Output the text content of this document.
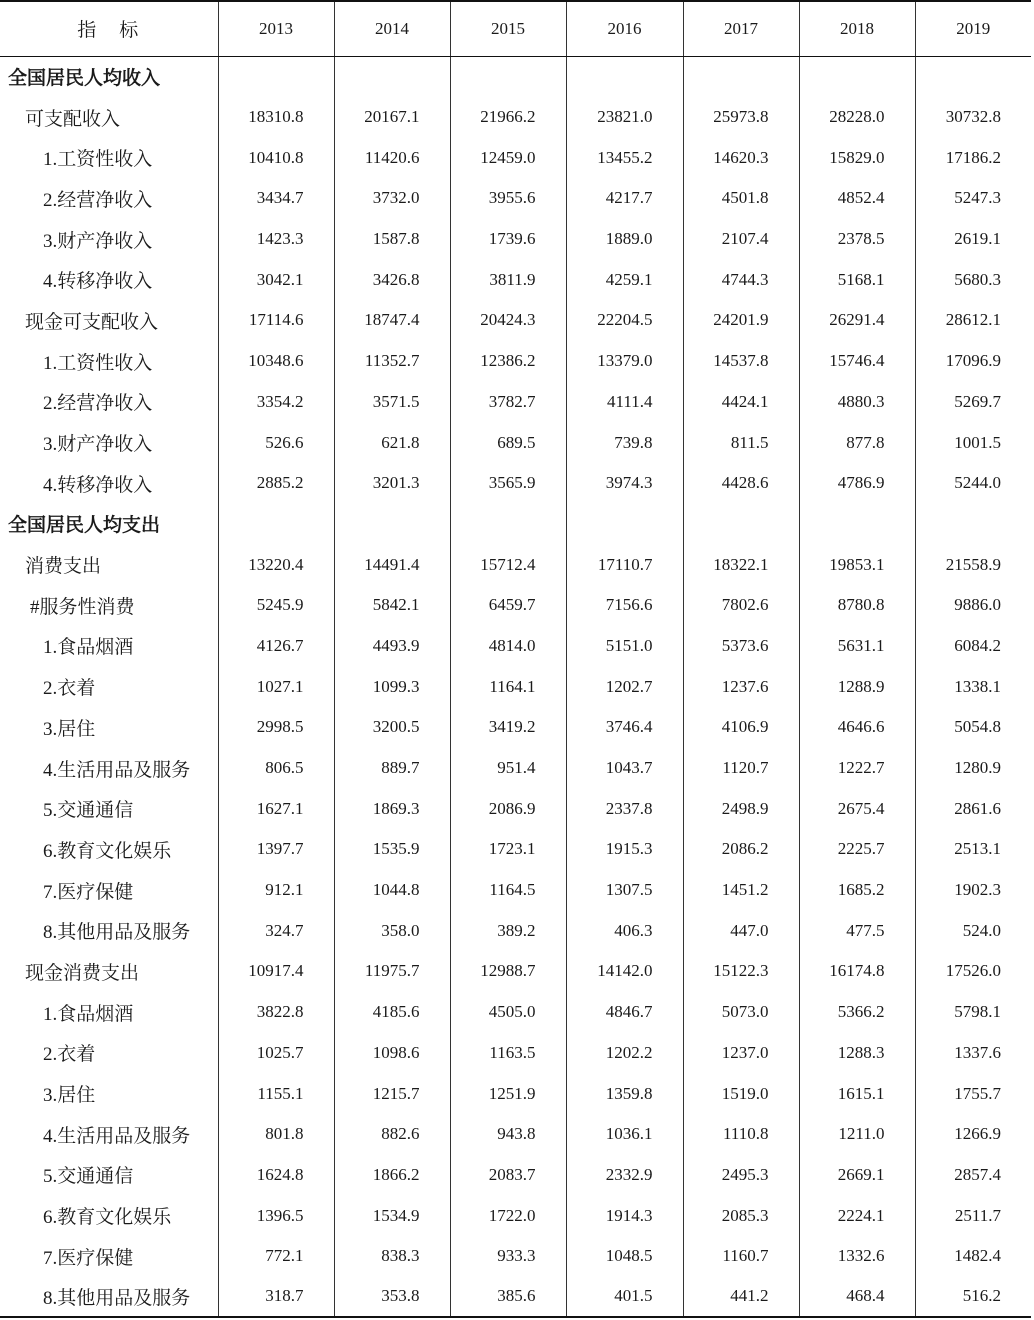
指　标	2013	2014	2015	2016	2017	2018	2019
全国居民人均收入							
可支配收入	18310.8	20167.1	21966.2	23821.0	25973.8	28228.0	30732.8
1.工资性收入	10410.8	11420.6	12459.0	13455.2	14620.3	15829.0	17186.2
2.经营净收入	3434.7	3732.0	3955.6	4217.7	4501.8	4852.4	5247.3
3.财产净收入	1423.3	1587.8	1739.6	1889.0	2107.4	2378.5	2619.1
4.转移净收入	3042.1	3426.8	3811.9	4259.1	4744.3	5168.1	5680.3
现金可支配收入	17114.6	18747.4	20424.3	22204.5	24201.9	26291.4	28612.1
1.工资性收入	10348.6	11352.7	12386.2	13379.0	14537.8	15746.4	17096.9
2.经营净收入	3354.2	3571.5	3782.7	4111.4	4424.1	4880.3	5269.7
3.财产净收入	526.6	621.8	689.5	739.8	811.5	877.8	1001.5
4.转移净收入	2885.2	3201.3	3565.9	3974.3	4428.6	4786.9	5244.0
全国居民人均支出							
消费支出	13220.4	14491.4	15712.4	17110.7	18322.1	19853.1	21558.9
#服务性消费	5245.9	5842.1	6459.7	7156.6	7802.6	8780.8	9886.0
1.食品烟酒	4126.7	4493.9	4814.0	5151.0	5373.6	5631.1	6084.2
2.衣着	1027.1	1099.3	1164.1	1202.7	1237.6	1288.9	1338.1
3.居住	2998.5	3200.5	3419.2	3746.4	4106.9	4646.6	5054.8
4.生活用品及服务	806.5	889.7	951.4	1043.7	1120.7	1222.7	1280.9
5.交通通信	1627.1	1869.3	2086.9	2337.8	2498.9	2675.4	2861.6
6.教育文化娱乐	1397.7	1535.9	1723.1	1915.3	2086.2	2225.7	2513.1
7.医疗保健	912.1	1044.8	1164.5	1307.5	1451.2	1685.2	1902.3
8.其他用品及服务	324.7	358.0	389.2	406.3	447.0	477.5	524.0
现金消费支出	10917.4	11975.7	12988.7	14142.0	15122.3	16174.8	17526.0
1.食品烟酒	3822.8	4185.6	4505.0	4846.7	5073.0	5366.2	5798.1
2.衣着	1025.7	1098.6	1163.5	1202.2	1237.0	1288.3	1337.6
3.居住	1155.1	1215.7	1251.9	1359.8	1519.0	1615.1	1755.7
4.生活用品及服务	801.8	882.6	943.8	1036.1	1110.8	1211.0	1266.9
5.交通通信	1624.8	1866.2	2083.7	2332.9	2495.3	2669.1	2857.4
6.教育文化娱乐	1396.5	1534.9	1722.0	1914.3	2085.3	2224.1	2511.7
7.医疗保健	772.1	838.3	933.3	1048.5	1160.7	1332.6	1482.4
8.其他用品及服务	318.7	353.8	385.6	401.5	441.2	468.4	516.2
